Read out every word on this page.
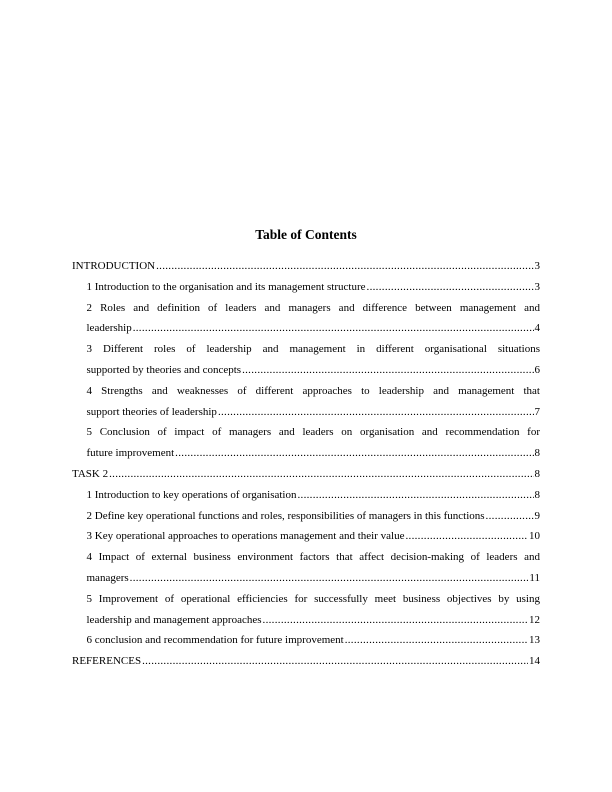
Table of Contents
INTRODUCTION .....	3
1 Introduction to the organisation and its management structure .....	3
2 Roles and definition of leaders and managers and difference between management and
leadership .....	4
3 Different roles of leadership and management in different organisational situations
supported by theories and concepts .....	6
4 Strengths and weaknesses of different approaches to leadership and management that
support theories of leadership .....	7
5 Conclusion of impact of managers and leaders on organisation and recommendation for
future improvement .....	8
TASK 2 .....	8
1 Introduction to key operations of organisation .....	8
2 Define key operational functions and roles, responsibilities of managers in this functions .....	9
3 Key operational approaches to operations management and their value .....	10
4 Impact of external business environment factors that affect decision-making of leaders and
managers .....	11
5 Improvement of operational efficiencies for successfully meet business objectives by using
leadership and management approaches .....	12
6 conclusion and recommendation for future improvement .....	13
REFERENCES .....	14
